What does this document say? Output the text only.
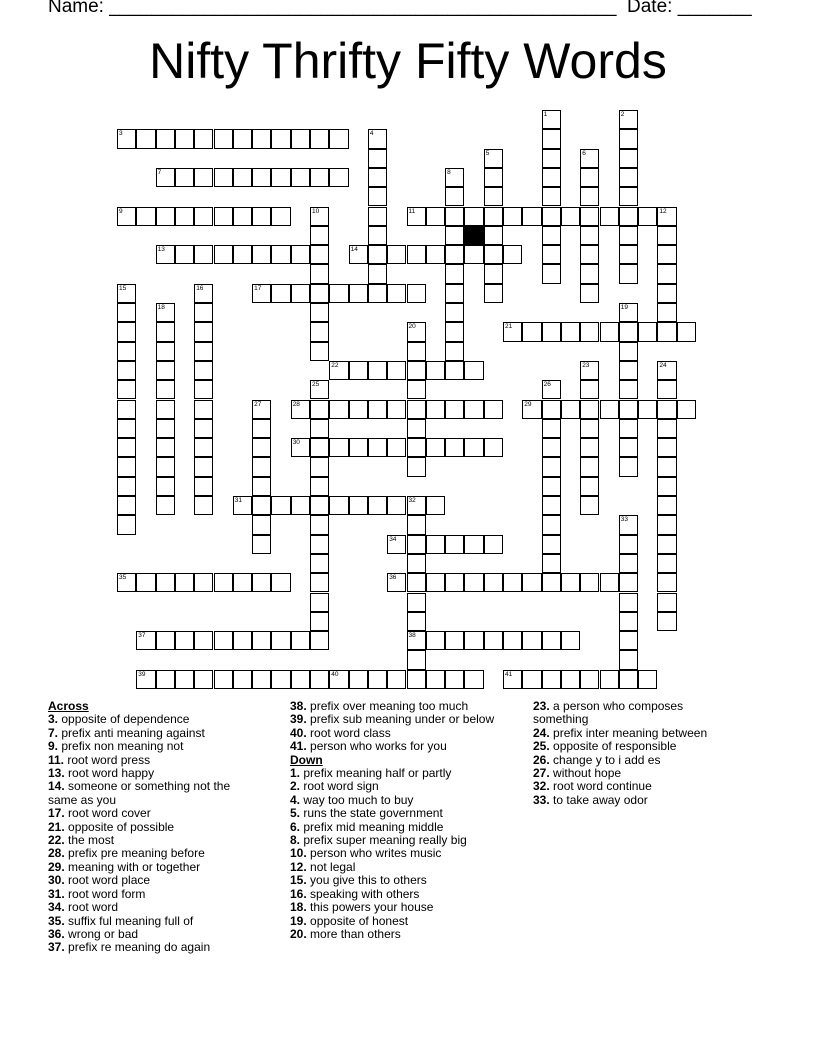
Name: ________________________________________________ Date: _______
Nifty Thrifty Fifty Words
1	2
3	4
5	6
7	8
9	10	11	12
13	14
15	16	17
18	19
20	21
22	23	24
25	26
27	28	29
30
31	32
38
33
34
35	36
37
39	40	41
Across
3. opposite of dependence
7. prefix anti meaning against
9. prefix non meaning not
11. root word press
13. root word happy
14. someone or something not the
same as you
17. root word cover
21. opposite of possible
22. the most
28. prefix pre meaning before
29. meaning with or together
30. root word place
31. root word form
34. root word
35. suffix ful meaning full of
36. wrong or bad
37. prefix re meaning do again
38. prefix over meaning too much
39. prefix sub meaning under or below
40. root word class
41. person who works for you
Down
1. prefix meaning half or partly
2. root word sign
4. way too much to buy
5. runs the state government
6. prefix mid meaning middle
8. prefix super meaning really big
10. person who writes music
12. not legal
15. you give this to others
16. speaking with others
18. this powers your house
19. opposite of honest
20. more than others
23. a person who composes
something
24. prefix inter meaning between
25. opposite of responsible
26. change y to i add es
27. without hope
32. root word continue
33. to take away odor
